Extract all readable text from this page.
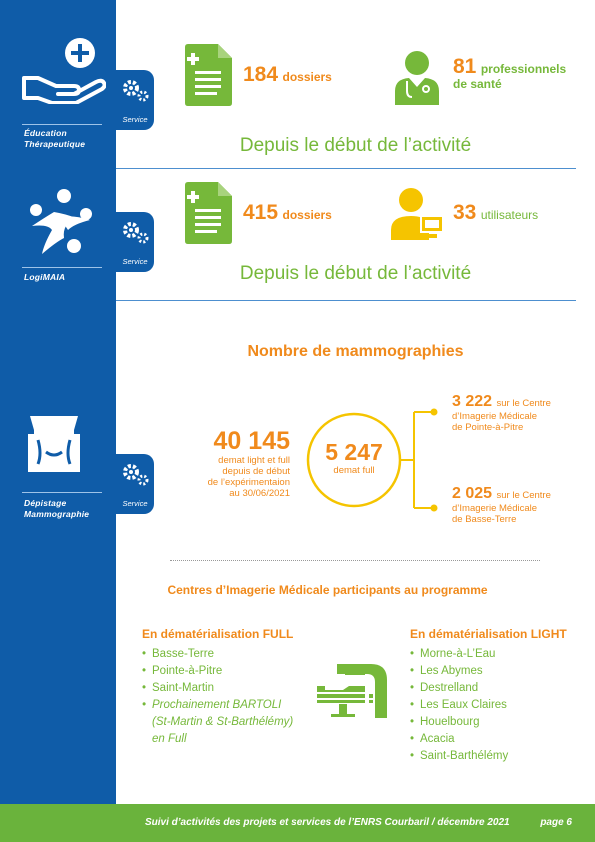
Éducation
Thérapeutique
Service
184 dossiers	81 professionnels
de santé
Depuis le début de l’activité
LogiMAIA
Service
415 dossiers	33 utilisateurs
Depuis le début de l’activité
Dépistage
Mammographie
Service
Nombre de mammographies
40 145
demat light et full
depuis de début
de l’expérimentaion
au 30/06/2021
5 247
demat full
3 222 sur le Centre
d’Imagerie Médicale
de Pointe-à-Pitre
2 025 sur le Centre
d’Imagerie Médicale
de Basse-Terre
Centres d’Imagerie Médicale participants au programme
En dématérialisation FULL
• Basse-Terre
• Pointe-à-Pitre
• Saint-Martin
• Prochainement BARTOLI
(St-Martin & St-Barthélémy)
en Full
En dématérialisation LIGHT
• Morne-à-L’Eau
• Les Abymes
• Destrelland
• Les Eaux Claires
• Houelbourg
• Acacia
• Saint-Barthélémy
Suivi d’activités des projets et services de l’ENRS Courbaril / décembre 2021	page 6
